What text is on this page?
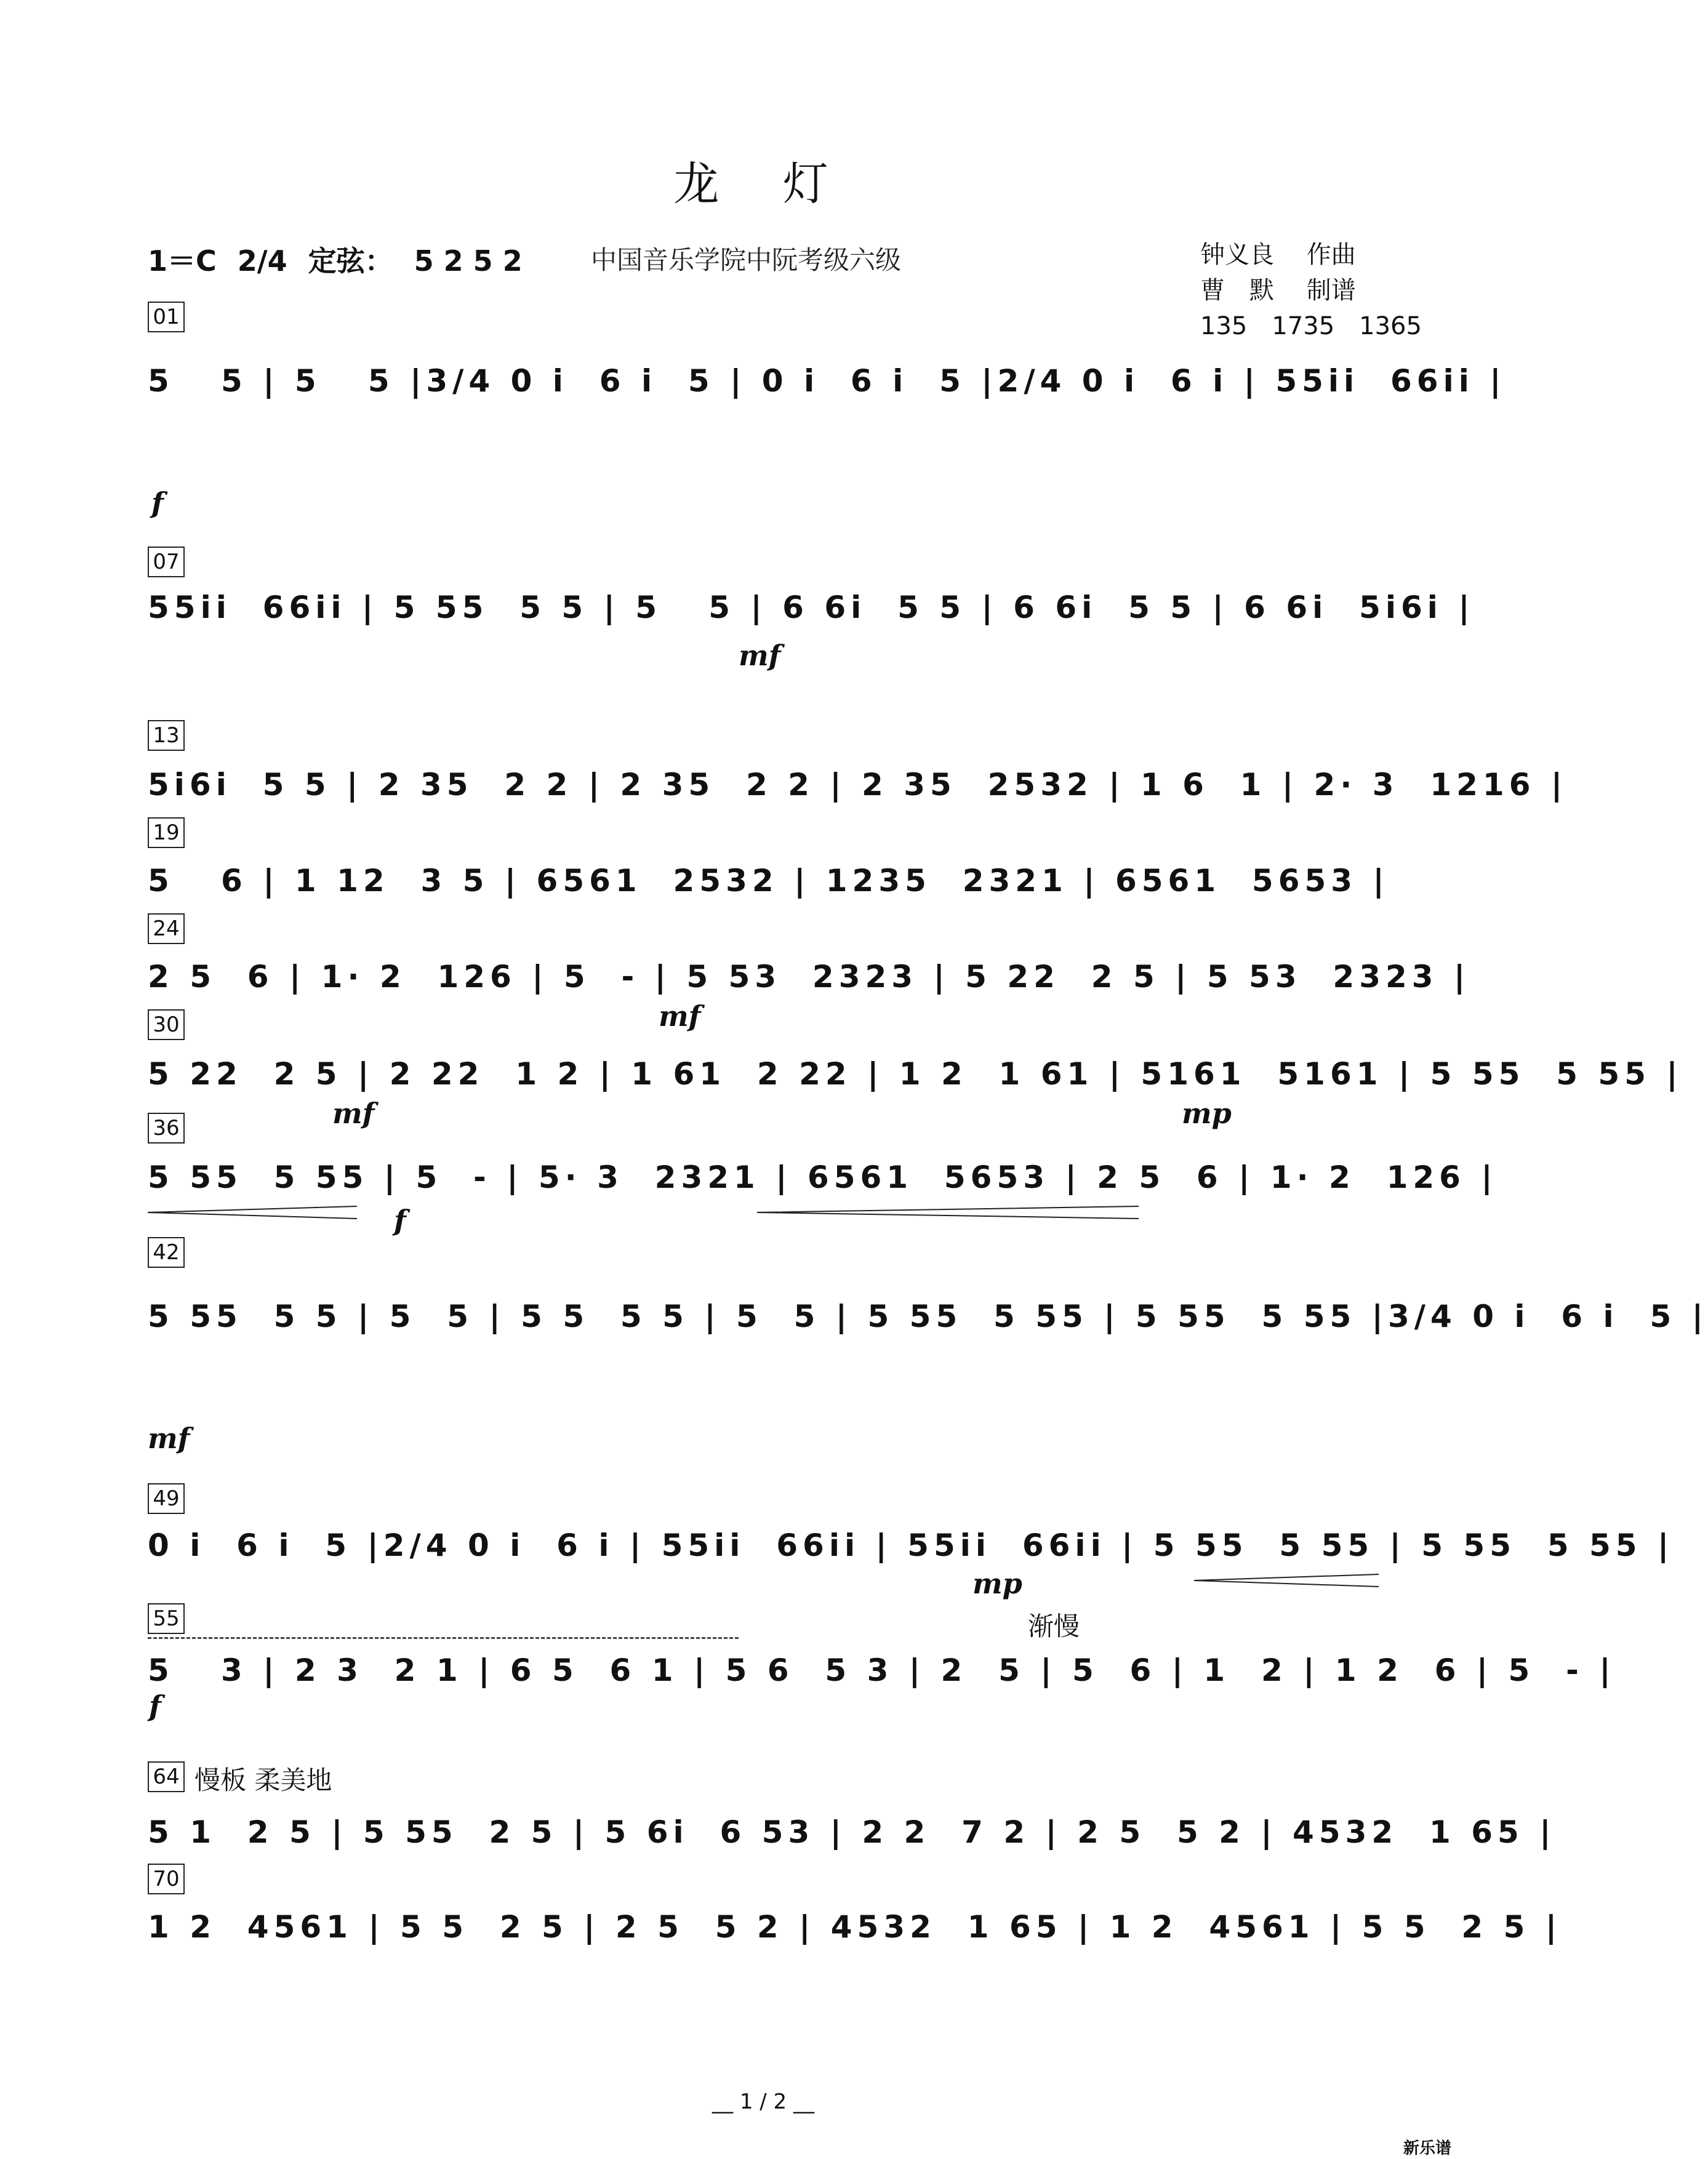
龙 灯
1＝C 2/4 定弦： 5 2 5 2	中国音乐学院中阮考级六级	钟义良　 作曲
曹　默　 制谱
135　1735　1365
01
5   5 | 5   5 |3/4 0 i  6 i  5 | 0 i  6 i  5 |2/4 0 i  6 i | 55ii  66ii |
f
07
55ii  66ii | 5 55  5 5 | 5   5 | 6 6i  5 5 | 6 6i  5 5 | 6 6i  5i6i |
mf
13
5i6i  5 5 | 2 35  2 2 | 2 35  2 2 | 2 35  2532 | 1 6  1 | 2· 3  1216 |
19
5   6 | 1 12  3 5 | 6561  2532 | 1235  2321 | 6561  5653 |
24
2 5  6 | 1· 2  126 | 5  - | 5 53  2323 | 5 22  2 5 | 5 53  2323 |
mf
30
5 22  2 5 | 2 22  1 2 | 1 61  2 22 | 1 2  1 61 | 5161  5161 | 5 55  5 55 |
mf	mp
36
5 55  5 55 | 5  - | 5· 3  2321 | 6561  5653 | 2 5  6 | 1· 2  126 |
f
42
5 55  5 5 | 5  5 | 5 5  5 5 | 5  5 | 5 55  5 55 | 5 55  5 55 |3/4 0 i  6 i  5 |
mf
49
0 i  6 i  5 |2/4 0 i  6 i | 55ii  66ii | 55ii  66ii | 5 55  5 55 | 5 55  5 55 |
mp
55	渐慢
5   3 | 2 3  2 1 | 6 5  6 1 | 5 6  5 3 | 2  5 | 5  6 | 1  2 | 1 2  6 | 5  - |
f
64 慢板 柔美地
5 1  2 5 | 5 55  2 5 | 5 6i  6 53 | 2 2  7 2 | 2 5  5 2 | 4532  1 65 |
70
1 2  4561 | 5 5  2 5 | 2 5  5 2 | 4532  1 65 | 1 2  4561 | 5 5  2 5 |
__ 1 / 2 __
新乐谱
